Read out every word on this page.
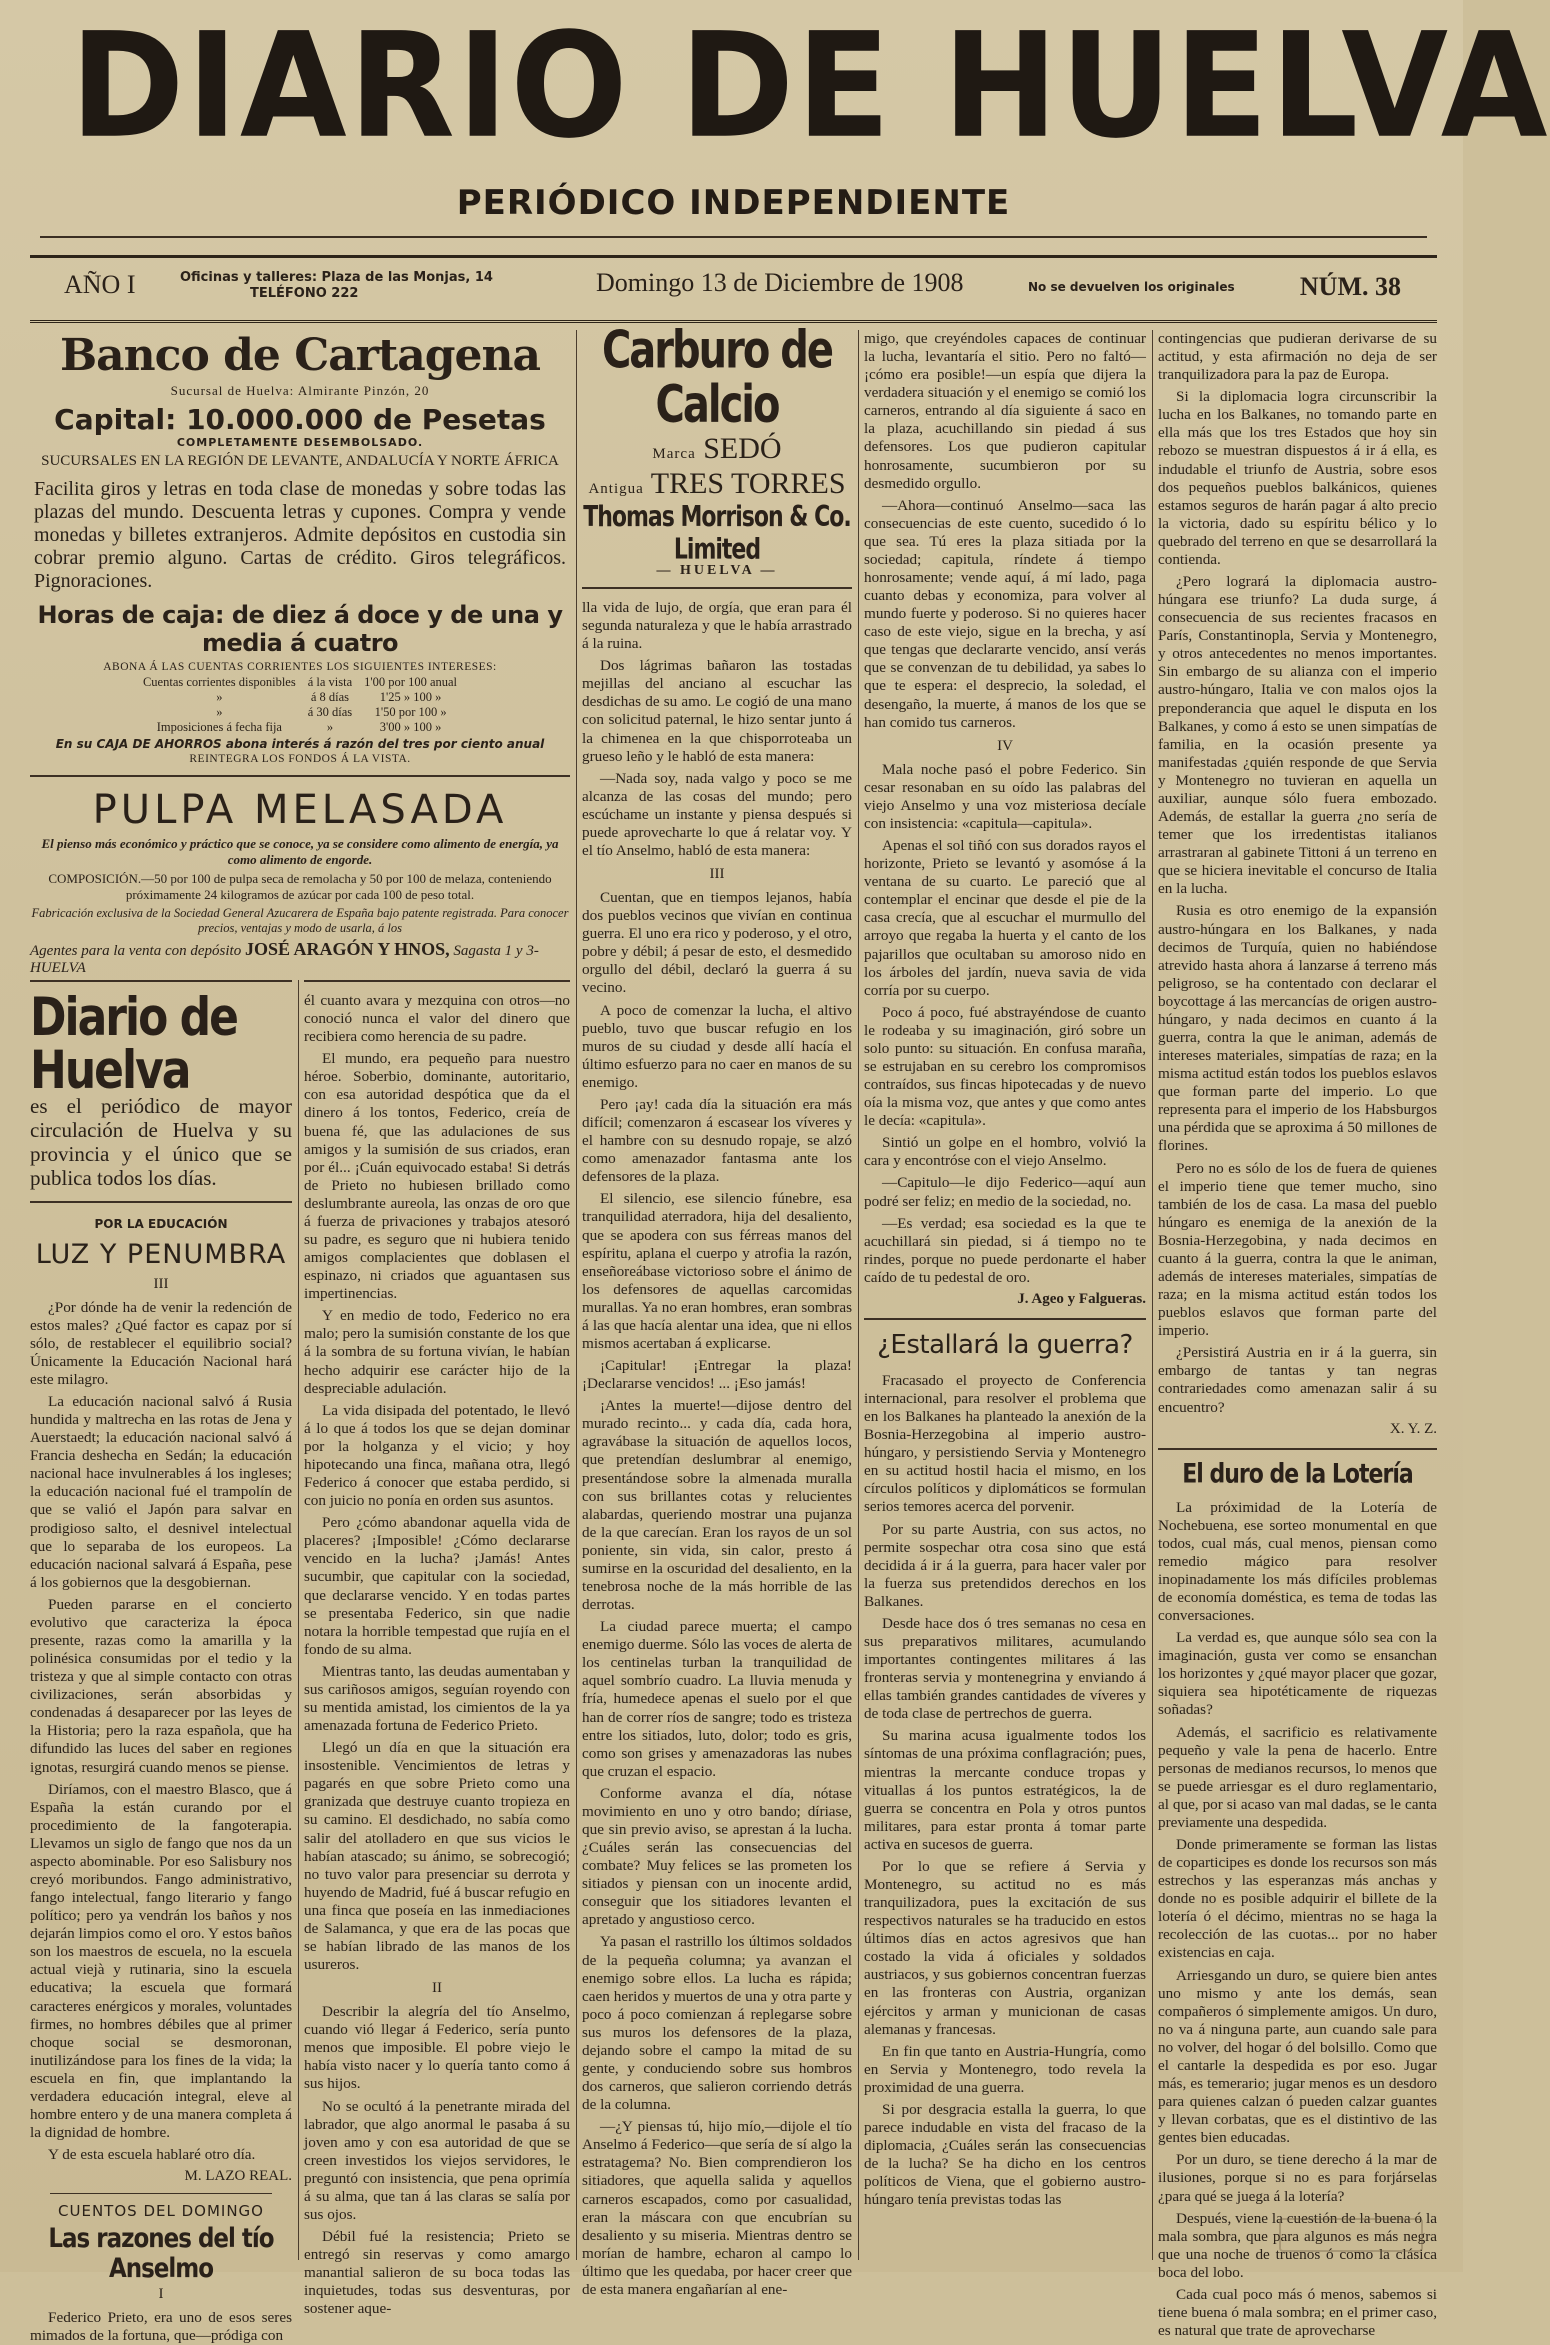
DIARIO DE HUELVA
PERIÓDICO INDEPENDIENTE
AÑO I	Oficinas y talleres: Plaza de las Monjas, 14
TELÉFONO 222	Domingo 13 de Diciembre de 1908	No se devuelven los originales	NÚM. 38
Banco de Cartagena
Sucursal de Huelva: Almirante Pinzón, 20
Capital: 10.000.000 de Pesetas
COMPLETAMENTE DESEMBOLSADO.
SUCURSALES EN LA REGIÓN DE LEVANTE, ANDALUCÍA Y NORTE ÁFRICA
Facilita giros y letras en toda clase de monedas y sobre todas las plazas del mundo. Descuenta letras y cupones. Compra y vende monedas y billetes extranjeros. Admite depósitos en custodia sin cobrar premio alguno. Cartas de crédito. Giros telegráficos. Pignoraciones.
Horas de caja: de diez á doce y de una y media á cuatro
ABONA Á LAS CUENTAS CORRIENTES LOS SIGUIENTES INTERESES:
Cuentas corrientes disponibles	á la vista	1'00 por 100 anual
»	á 8 días	1'25 » 100 »
»	á 30 días	1'50 por 100 »
Imposiciones á fecha fija	»	3'00 » 100 »
En su CAJA DE AHORROS abona interés á razón del tres por ciento anual
REINTEGRA LOS FONDOS Á LA VISTA.
PULPA MELASADA

El pienso más económico y práctico que se conoce, ya se considere como alimento de energía, ya como alimento de engorde.

COMPOSICIÓN.—50 por 100 de pulpa seca de remolacha y 50 por 100 de melaza, conteniendo próximamente 24 kilogramos de azúcar por cada 100 de peso total.

Fabricación exclusiva de la Sociedad General Azucarera de España bajo patente registrada. Para conocer precios, ventajas y modo de usarla, á los

Agentes para la venta con depósito JOSÉ ARAGÓN Y HNOS, Sagasta 1 y 3-HUELVA

Diario de Huelva
es el periódico de mayor circulación de Huelva y su provincia y el único que se publica todos los días.
POR LA EDUCACIÓN
LUZ Y PENUMBRA
III

¿Por dónde ha de venir la redención de estos males? ¿Qué factor es capaz por sí sólo, de restablecer el equilibrio social? Únicamente la Educación Nacional hará este milagro.

La educación nacional salvó á Rusia hundida y maltrecha en las rotas de Jena y Auerstaedt; la educación nacional salvó á Francia deshecha en Sedán; la educación nacional hace invulnerables á los ingleses; la educación nacional fué el trampolín de que se valió el Japón para salvar en prodigioso salto, el desnivel intelectual que lo separaba de los europeos. La educación nacional salvará á España, pese á los gobiernos que la desgobiernan.

Pueden pararse en el concierto evolutivo que caracteriza la época presente, razas como la amarilla y la polinésica consumidas por el tedio y la tristeza y que al simple contacto con otras civilizaciones, serán absorbidas y condenadas á desaparecer por las leyes de la Historia; pero la raza española, que ha difundido las luces del saber en regiones ignotas, resurgirá cuando menos se piense.

Diríamos, con el maestro Blasco, que á España la están curando por el procedimiento de la fangoterapia. Llevamos un siglo de fango que nos da un aspecto abominable. Por eso Salisbury nos creyó moribundos. Fango administrativo, fango intelectual, fango literario y fango político; pero ya vendrán los baños y nos dejarán limpios como el oro. Y estos baños son los maestros de escuela, no la escuela actual viejà y rutinaria, sino la escuela educativa; la escuela que formará caracteres enérgicos y morales, voluntades firmes, no hombres débiles que al primer choque social se desmoronan, inutilizándose para los fines de la vida; la escuela en fin, que implantando la verdadera educación integral, eleve al hombre entero y de una manera completa á la dignidad de hombre.

Y de esta escuela hablaré otro día.

M. LAZO REAL.
CUENTOS DEL DOMINGO
Las razones del tío Anselmo
I

Federico Prieto, era uno de esos seres mimados de la fortuna, que—pródiga con

él cuanto avara y mezquina con otros—no conoció nunca el valor del dinero que recibiera como herencia de su padre.

El mundo, era pequeño para nuestro héroe. Soberbio, dominante, autoritario, con esa autoridad despótica que da el dinero á los tontos, Federico, creía de buena fé, que las adulaciones de sus amigos y la sumisión de sus criados, eran por él... ¡Cuán equivocado estaba! Si detrás de Prieto no hubiesen brillado como deslumbrante aureola, las onzas de oro que á fuerza de privaciones y trabajos atesoró su padre, es seguro que ni hubiera tenido amigos complacientes que doblasen el espinazo, ni criados que aguantasen sus impertinencias.

Y en medio de todo, Federico no era malo; pero la sumisión constante de los que á la sombra de su fortuna vivían, le habían hecho adquirir ese carácter hijo de la despreciable adulación.

La vida disipada del potentado, le llevó á lo que á todos los que se dejan dominar por la holganza y el vicio; y hoy hipotecando una finca, mañana otra, llegó Federico á conocer que estaba perdido, si con juicio no ponía en orden sus asuntos.

Pero ¿cómo abandonar aquella vida de placeres? ¡Imposible! ¿Cómo declararse vencido en la lucha? ¡Jamás! Antes sucumbir, que capitular con la sociedad, que declararse vencido. Y en todas partes se presentaba Federico, sin que nadie notara la horrible tempestad que rujía en el fondo de su alma.

Mientras tanto, las deudas aumentaban y sus cariñosos amigos, seguían royendo con su mentida amistad, los cimientos de la ya amenazada fortuna de Federico Prieto.

Llegó un día en que la situación era insostenible. Vencimientos de letras y pagarés en que sobre Prieto como una granizada que destruye cuanto tropieza en su camino. El desdichado, no sabía como salir del atolladero en que sus vicios le habían atascado; su ánimo, se sobrecogió; no tuvo valor para presenciar su derrota y huyendo de Madrid, fué á buscar refugio en una finca que poseía en las inmediaciones de Salamanca, y que era de las pocas que se habían librado de las manos de los usureros.

II

Describir la alegría del tío Anselmo, cuando vió llegar á Federico, sería punto menos que imposible. El pobre viejo le había visto nacer y lo quería tanto como á sus hijos.

No se ocultó á la penetrante mirada del labrador, que algo anormal le pasaba á su joven amo y con esa autoridad de que se creen investidos los viejos servidores, le preguntó con insistencia, que pena oprimía á su alma, que tan á las claras se salía por sus ojos.

Débil fué la resistencia; Prieto se entregó sin reservas y como amargo manantial salieron de su boca todas las inquietudes, todas sus desventuras, por sostener aque-

Carburo de Calcio
Marca SEDÓ
Antigua TRES TORRES
Thomas Morrison & Co. Limited
— HUELVA —

lla vida de lujo, de orgía, que eran para él segunda naturaleza y que le había arrastrado á la ruina.

Dos lágrimas bañaron las tostadas mejillas del anciano al escuchar las desdichas de su amo. Le cogió de una mano con solicitud paternal, le hizo sentar junto á la chimenea en la que chisporroteaba un grueso leño y le habló de esta manera:

—Nada soy, nada valgo y poco se me alcanza de las cosas del mundo; pero escúchame un instante y piensa después si puede aprovecharte lo que á relatar voy. Y el tío Anselmo, habló de esta manera:

III

Cuentan, que en tiempos lejanos, había dos pueblos vecinos que vivían en continua guerra. El uno era rico y poderoso, y el otro, pobre y débil; á pesar de esto, el desmedido orgullo del débil, declaró la guerra á su vecino.

A poco de comenzar la lucha, el altivo pueblo, tuvo que buscar refugio en los muros de su ciudad y desde allí hacía el último esfuerzo para no caer en manos de su enemigo.

Pero ¡ay! cada día la situación era más difícil; comenzaron á escasear los víveres y el hambre con su desnudo ropaje, se alzó como amenazador fantasma ante los defensores de la plaza.

El silencio, ese silencio fúnebre, esa tranquilidad aterradora, hija del desaliento, que se apodera con sus férreas manos del espíritu, aplana el cuerpo y atrofia la razón, enseñoreábase victorioso sobre el ánimo de los defensores de aquellas carcomidas murallas. Ya no eran hombres, eran sombras á las que hacía alentar una idea, que ni ellos mismos acertaban á explicarse.

¡Capitular! ¡Entregar la plaza! ¡Declararse vencidos! ... ¡Eso jamás!

¡Antes la muerte!—dijose dentro del murado recinto... y cada día, cada hora, agravábase la situación de aquellos locos, que pretendían deslumbrar al enemigo, presentándose sobre la almenada muralla con sus brillantes cotas y relucientes alabardas, queriendo mostrar una pujanza de la que carecían. Eran los rayos de un sol poniente, sin vida, sin calor, presto á sumirse en la oscuridad del desaliento, en la tenebrosa noche de la más horrible de las derrotas.

La ciudad parece muerta; el campo enemigo duerme. Sólo las voces de alerta de los centinelas turban la tranquilidad de aquel sombrío cuadro. La lluvia menuda y fría, humedece apenas el suelo por el que han de correr ríos de sangre; todo es tristeza entre los sitiados, luto, dolor; todo es gris, como son grises y amenazadoras las nubes que cruzan el espacio.

Conforme avanza el día, nótase movimiento en uno y otro bando; díriase, que sin previo aviso, se aprestan á la lucha. ¿Cuáles serán las consecuencias del combate? Muy felices se las prometen los sitiados y piensan con un inocente ardid, conseguir que los sitiadores levanten el apretado y angustioso cerco.

Ya pasan el rastrillo los últimos soldados de la pequeña columna; ya avanzan el enemigo sobre ellos. La lucha es rápida; caen heridos y muertos de una y otra parte y poco á poco comienzan á replegarse sobre sus muros los defensores de la plaza, dejando sobre el campo la mitad de su gente, y conduciendo sobre sus hombros dos carneros, que salieron corriendo detrás de la columna.

—¿Y piensas tú, hijo mío,—dijole el tío Anselmo á Federico—que sería de sí algo la estratagema? No. Bien comprendieron los sitiadores, que aquella salida y aquellos carneros escapados, como por casualidad, eran la máscara con que encubrían su desaliento y su miseria. Mientras dentro se morían de hambre, echaron al campo lo último que les quedaba, por hacer creer que de esta manera engañarían al ene-

migo, que creyéndoles capaces de continuar la lucha, levantaría el sitio. Pero no faltó—¡cómo era posible!—un espía que dijera la verdadera situación y el enemigo se comió los carneros, entrando al día siguiente á saco en la plaza, acuchillando sin piedad á sus defensores. Los que pudieron capitular honrosamente, sucumbieron por su desmedido orgullo.

—Ahora—continuó Anselmo—saca las consecuencias de este cuento, sucedido ó lo que sea. Tú eres la plaza sitiada por la sociedad; capitula, ríndete á tiempo honrosamente; vende aquí, á mí lado, paga cuanto debas y economiza, para volver al mundo fuerte y poderoso. Si no quieres hacer caso de este viejo, sigue en la brecha, y así que tengas que declararte vencido, ansí verás que se convenzan de tu debilidad, ya sabes lo que te espera: el desprecio, la soledad, el desengaño, la muerte, á manos de los que se han comido tus carneros.

IV

Mala noche pasó el pobre Federico. Sin cesar resonaban en su oído las palabras del viejo Anselmo y una voz misteriosa decíale con insistencia: «capitula—capitula».

Apenas el sol tiñó con sus dorados rayos el horizonte, Prieto se levantó y asomóse á la ventana de su cuarto. Le pareció que al contemplar el encinar que desde el pie de la casa crecía, que al escuchar el murmullo del arroyo que regaba la huerta y el canto de los pajarillos que ocultaban su amoroso nido en los árboles del jardín, nueva savia de vida corría por su cuerpo.

Poco á poco, fué abstrayéndose de cuanto le rodeaba y su imaginación, giró sobre un solo punto: su situación. En confusa maraña, se estrujaban en su cerebro los compromisos contraídos, sus fincas hipotecadas y de nuevo oía la misma voz, que antes y que como antes le decía: «capitula».

Sintió un golpe en el hombro, volvió la cara y encontróse con el viejo Anselmo.

—Capitulo—le dijo Federico—aquí aun podré ser feliz; en medio de la sociedad, no.

—Es verdad; esa sociedad es la que te acuchillará sin piedad, si á tiempo no te rindes, porque no puede perdonarte el haber caído de tu pedestal de oro.

J. Ageo y Falgueras.
¿Estallará la guerra?

Fracasado el proyecto de Conferencia internacional, para resolver el problema que en los Balkanes ha planteado la anexión de la Bosnia-Herzegobina al imperio austro-húngaro, y persistiendo Servia y Montenegro en su actitud hostil hacia el mismo, en los círculos políticos y diplomáticos se formulan serios temores acerca del porvenir.

Por su parte Austria, con sus actos, no permite sospechar otra cosa sino que está decidida á ir á la guerra, para hacer valer por la fuerza sus pretendidos derechos en los Balkanes.

Desde hace dos ó tres semanas no cesa en sus preparativos militares, acumulando importantes contingentes militares á las fronteras servia y montenegrina y enviando á ellas también grandes cantidades de víveres y de toda clase de pertrechos de guerra.

Su marina acusa igualmente todos los síntomas de una próxima conflagración; pues, mientras la mercante conduce tropas y vituallas á los puntos estratégicos, la de guerra se concentra en Pola y otros puntos militares, para estar pronta á tomar parte activa en sucesos de guerra.

Por lo que se refiere á Servia y Montenegro, su actitud no es más tranquilizadora, pues la excitación de sus respectivos naturales se ha traducido en estos últimos días en actos agresivos que han costado la vida á oficiales y soldados austriacos, y sus gobiernos concentran fuerzas en las fronteras con Austria, organizan ejércitos y arman y municionan de casas alemanas y francesas.

En fin que tanto en Austria-Hungría, como en Servia y Montenegro, todo revela la proximidad de una guerra.

Si por desgracia estalla la guerra, lo que parece indudable en vista del fracaso de la diplomacia, ¿Cuáles serán las consecuencias de la lucha? Se ha dicho en los centros políticos de Viena, que el gobierno austro-húngaro tenía previstas todas las

contingencias que pudieran derivarse de su actitud, y esta afirmación no deja de ser tranquilizadora para la paz de Europa.

Si la diplomacia logra circunscribir la lucha en los Balkanes, no tomando parte en ella más que los tres Estados que hoy sin rebozo se muestran dispuestos á ir á ella, es indudable el triunfo de Austria, sobre esos dos pequeños pueblos balkánicos, quienes estamos seguros de harán pagar á alto precio la victoria, dado su espíritu bélico y lo quebrado del terreno en que se desarrollará la contienda.

¿Pero logrará la diplomacia austro-húngara ese triunfo? La duda surge, á consecuencia de sus recientes fracasos en París, Constantinopla, Servia y Montenegro, y otros antecedentes no menos importantes. Sin embargo de su alianza con el imperio austro-húngaro, Italia ve con malos ojos la preponderancia que aquel le disputa en los Balkanes, y como á esto se unen simpatías de familia, en la ocasión presente ya manifestadas ¿quién responde de que Servia y Montenegro no tuvieran en aquella un auxiliar, aunque sólo fuera embozado. Además, de estallar la guerra ¿no sería de temer que los irredentistas italianos arrastraran al gabinete Tittoni á un terreno en que se hiciera inevitable el concurso de Italia en la lucha.

Rusia es otro enemigo de la expansión austro-húngara en los Balkanes, y nada decimos de Turquía, quien no habiéndose atrevido hasta ahora á lanzarse á terreno más peligroso, se ha contentado con declarar el boycottage á las mercancías de origen austro-húngaro, y nada decimos en cuanto á la guerra, contra la que le animan, además de intereses materiales, simpatías de raza; en la misma actitud están todos los pueblos eslavos que forman parte del imperio. Lo que representa para el imperio de los Habsburgos una pérdida que se aproxima á 50 millones de florines.

Pero no es sólo de los de fuera de quienes el imperio tiene que temer mucho, sino también de los de casa. La masa del pueblo húngaro es enemiga de la anexión de la Bosnia-Herzegobina, y nada decimos en cuanto á la guerra, contra la que le animan, además de intereses materiales, simpatías de raza; en la misma actitud están todos los pueblos eslavos que forman parte del imperio.

¿Persistirá Austria en ir á la guerra, sin embargo de tantas y tan negras contrariedades como amenazan salir á su encuentro?

X. Y. Z.
El duro de la Lotería

La próximidad de la Lotería de Nochebuena, ese sorteo monumental en que todos, cual más, cual menos, piensan como remedio mágico para resolver inopinadamente los más difíciles problemas de economía doméstica, es tema de todas las conversaciones.

La verdad es, que aunque sólo sea con la imaginación, gusta ver como se ensanchan los horizontes y ¿qué mayor placer que gozar, siquiera sea hipotéticamente de riquezas soñadas?

Además, el sacrificio es relativamente pequeño y vale la pena de hacerlo. Entre personas de medianos recursos, lo menos que se puede arriesgar es el duro reglamentario, al que, por si acaso van mal dadas, se le canta previamente una despedida.

Donde primeramente se forman las listas de coparticipes es donde los recursos son más estrechos y las esperanzas más anchas y donde no es posible adquirir el billete de la lotería ó el décimo, mientras no se haga la recolección de las cuotas... por no haber existencias en caja.

Arriesgando un duro, se quiere bien antes uno mismo y ante los demás, sean compañeros ó simplemente amigos. Un duro, no va á ninguna parte, aun cuando sale para no volver, del hogar ó del bolsillo. Como que el cantarle la despedida es por eso. Jugar más, es temerario; jugar menos es un desdoro para quienes calzan ó pueden calzar guantes y llevan corbatas, que es el distintivo de las gentes bien educadas.

Por un duro, se tiene derecho á la mar de ilusiones, porque si no es para forjárselas ¿para qué se juega á la lotería?

Después, viene la cuestión de la buena ó la mala sombra, que para algunos es más negra que una noche de truenos ó como la clásica boca del lobo.

Cada cual poco más ó menos, sabemos si tiene buena ó mala sombra; en el primer caso, es natural que trate de aprovecharse
